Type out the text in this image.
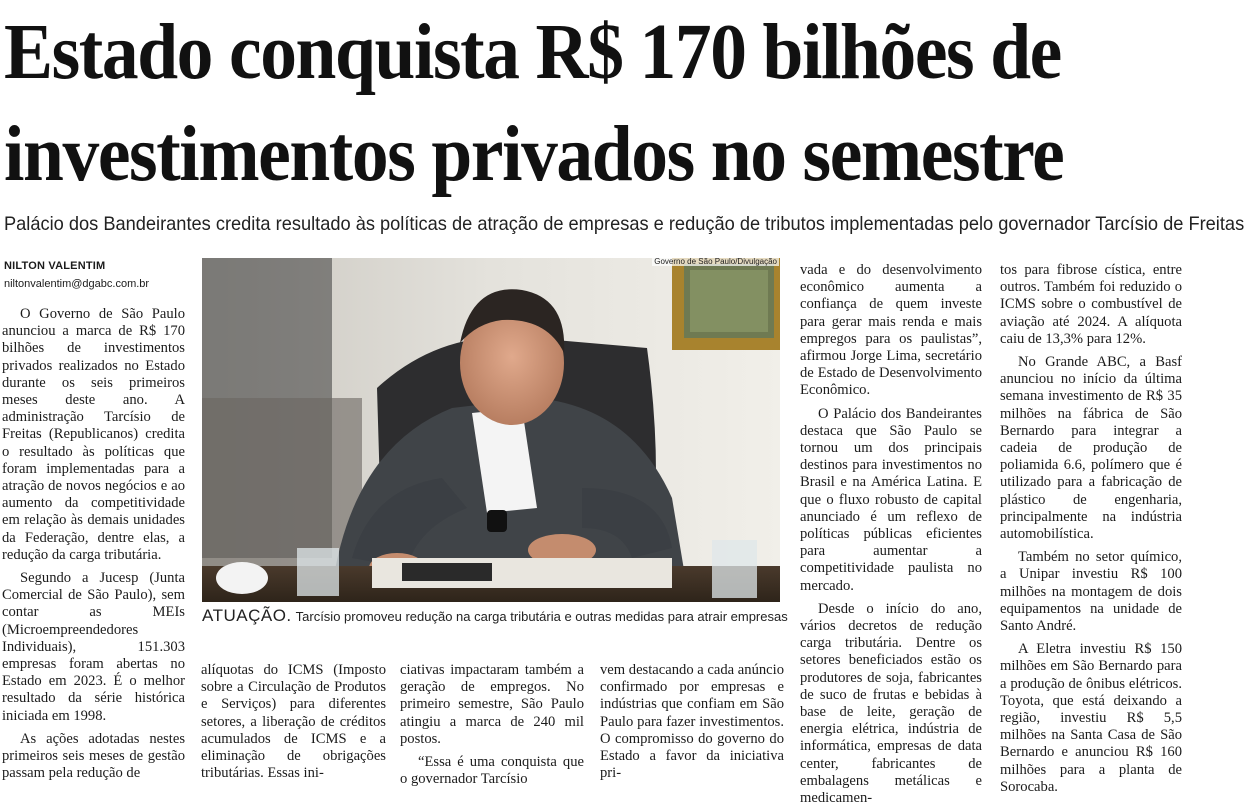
Estado conquista R$ 170 bilhões de
investimentos privados no semestre

Palácio dos Bandeirantes credita resultado às políticas de atração de empresas e redução de tributos implementadas pelo governador Tarcísio de Freitas

NILTON VALENTIM
niltonvalentim@dgabc.com.br

O Governo de São Paulo anunciou a marca de R$ 170 bilhões de investimentos privados realizados no Estado durante os seis primeiros meses deste ano. A administração Tarcísio de Freitas (Republicanos) credita o resultado às políticas que foram implementadas para a atração de novos negócios e ao aumento da competitividade em relação às demais unidades da Federação, dentre elas, a redução da carga tributária.

Segundo a Jucesp (Junta Comercial de São Paulo), sem contar as MEIs (Microempreendedores Individuais), 151.303 empresas foram abertas no Estado em 2023. É o melhor resultado da série histórica iniciada em 1998.

As ações adotadas nestes primeiros seis meses de gestão passam pela redução de

Governo de São Paulo/Divulgação
ATUAÇÃO. Tarcísio promoveu redução na carga tributária e outras medidas para atrair empresas

alíquotas do ICMS (Imposto sobre a Circulação de Produtos e Serviços) para diferentes setores, a liberação de créditos acumulados de ICMS e a eliminação de obrigações tributárias. Essas ini-

ciativas impactaram também a geração de empregos. No primeiro semestre, São Paulo atingiu a marca de 240 mil postos.

“Essa é uma conquista que o governador Tarcísio

vem destacando a cada anúncio confirmado por empresas e indústrias que confiam em São Paulo para fazer investimentos. O compromisso do governo do Estado a favor da iniciativa pri-

vada e do desenvolvimento econômico aumenta a confiança de quem investe para gerar mais renda e mais empregos para os paulistas”, afirmou Jorge Lima, secretário de Estado de Desenvolvimento Econômico.

O Palácio dos Bandeirantes destaca que São Paulo se tornou um dos principais destinos para investimentos no Brasil e na América Latina. E que o fluxo robusto de capital anunciado é um reflexo de políticas públicas eficientes para aumentar a competitividade paulista no mercado.

Desde o início do ano, vários decretos de redução carga tributária. Dentre os setores beneficiados estão os produtores de soja, fabricantes de suco de frutas e bebidas à base de leite, geração de energia elétrica, indústria de informática, empresas de data center, fabricantes de embalagens metálicas e medicamen-

tos para fibrose cística, entre outros. Também foi reduzido o ICMS sobre o combustível de aviação até 2024. A alíquota caiu de 13,3% para 12%.

No Grande ABC, a Basf anunciou no início da última semana investimento de R$ 35 milhões na fábrica de São Bernardo para integrar a cadeia de produção de poliamida 6.6, polímero que é utilizado para a fabricação de plástico de engenharia, principalmente na indústria automobilística.

Também no setor químico, a Unipar investiu R$ 100 milhões na montagem de dois equipamentos na unidade de Santo André.

A Eletra investiu R$ 150 milhões em São Bernardo para a produção de ônibus elétricos. Toyota, que está deixando a região, investiu R$ 5,5 milhões na Santa Casa de São Bernardo e anunciou R$ 160 milhões para a planta de Sorocaba.
